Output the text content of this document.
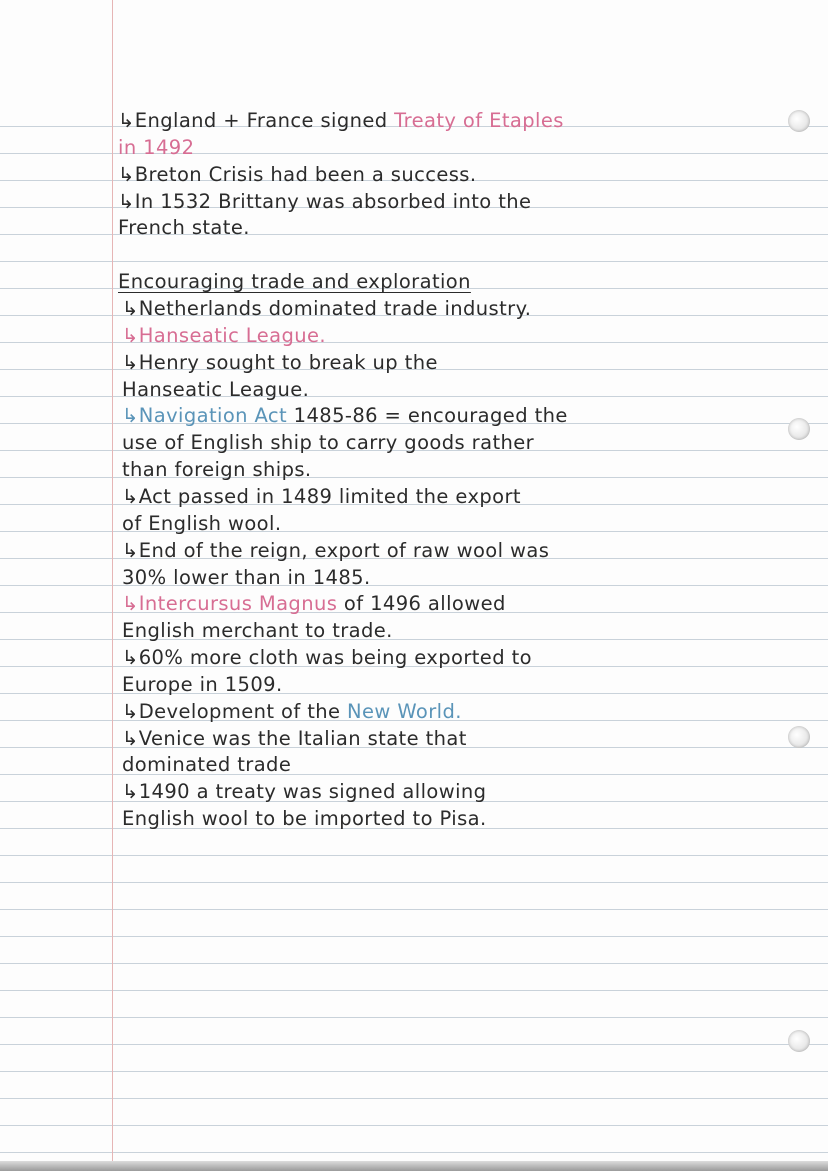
↳England + France signed Treaty of Etaples
in 1492
↳Breton Crisis had been a success.
↳In 1532 Brittany was absorbed into the
French state.
Encouraging trade and exploration
↳Netherlands dominated trade industry.
↳Hanseatic League.
↳Henry sought to break up the
Hanseatic League.
↳Navigation Act 1485-86 = encouraged the
use of English ship to carry goods rather
than foreign ships.
↳Act passed in 1489 limited the export
of English wool.
↳End of the reign, export of raw wool was
30% lower than in 1485.
↳Intercursus Magnus of 1496 allowed
English merchant to trade.
↳60% more cloth was being exported to
Europe in 1509.
↳Development of the New World.
↳Venice was the Italian state that
dominated trade
↳1490 a treaty was signed allowing
English wool to be imported to Pisa.
